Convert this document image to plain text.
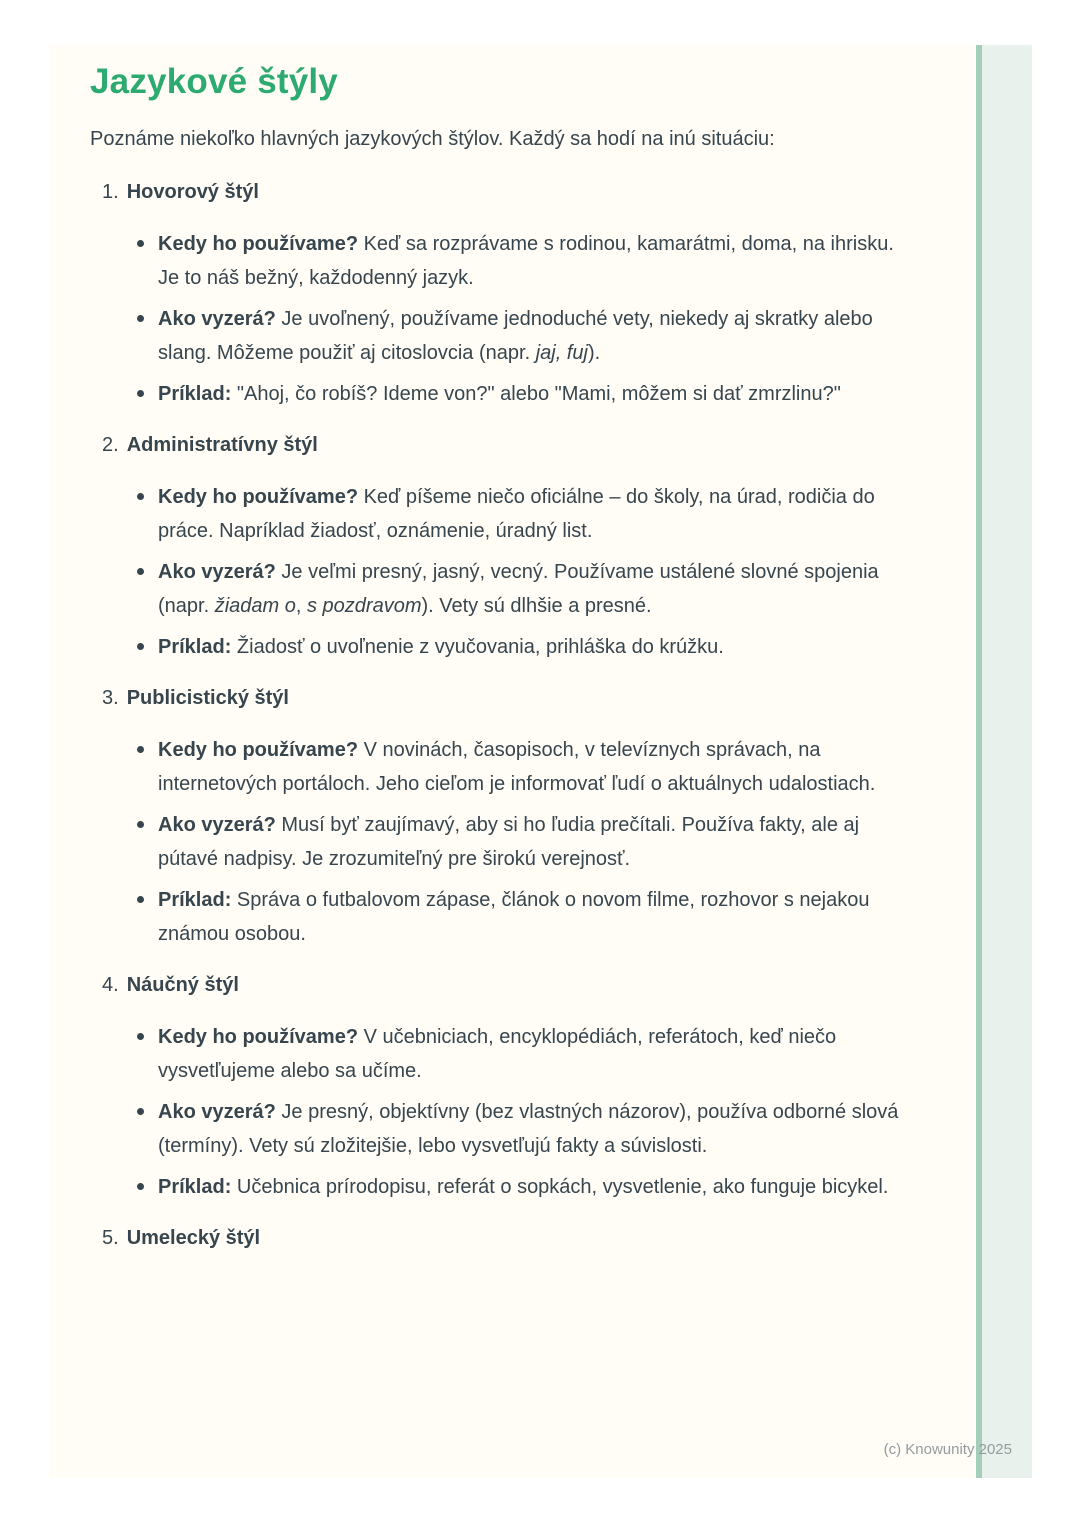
Jazykové štýly

Poznáme niekoľko hlavných jazykových štýlov. Každý sa hodí na inú situáciu:

1. Hovorový štýl
Kedy ho používame? Keď sa rozprávame s rodinou, kamarátmi, doma, na ihrisku. Je to náš bežný, každodenný jazyk.
Ako vyzerá? Je uvoľnený, používame jednoduché vety, niekedy aj skratky alebo slang. Môžeme použiť aj citoslovcia (napr. jaj, fuj).
Príklad: "Ahoj, čo robíš? Ideme von?" alebo "Mami, môžem si dať zmrzlinu?"
2. Administratívny štýl
Kedy ho používame? Keď píšeme niečo oficiálne – do školy, na úrad, rodičia do práce. Napríklad žiadosť, oznámenie, úradný list.
Ako vyzerá? Je veľmi presný, jasný, vecný. Používame ustálené slovné spojenia (napr. žiadam o, s pozdravom). Vety sú dlhšie a presné.
Príklad: Žiadosť o uvoľnenie z vyučovania, prihláška do krúžku.
3. Publicistický štýl
Kedy ho používame? V novinách, časopisoch, v televíznych správach, na internetových portáloch. Jeho cieľom je informovať ľudí o aktuálnych udalostiach.
Ako vyzerá? Musí byť zaujímavý, aby si ho ľudia prečítali. Používa fakty, ale aj pútavé nadpisy. Je zrozumiteľný pre širokú verejnosť.
Príklad: Správa o futbalovom zápase, článok o novom filme, rozhovor s nejakou známou osobou.
4. Náučný štýl
Kedy ho používame? V učebniciach, encyklopédiách, referátoch, keď niečo vysvetľujeme alebo sa učíme.
Ako vyzerá? Je presný, objektívny (bez vlastných názorov), používa odborné slová (termíny). Vety sú zložitejšie, lebo vysvetľujú fakty a súvislosti.
Príklad: Učebnica prírodopisu, referát o sopkách, vysvetlenie, ako funguje bicykel.
5. Umelecký štýl
(c) Knowunity 2025
